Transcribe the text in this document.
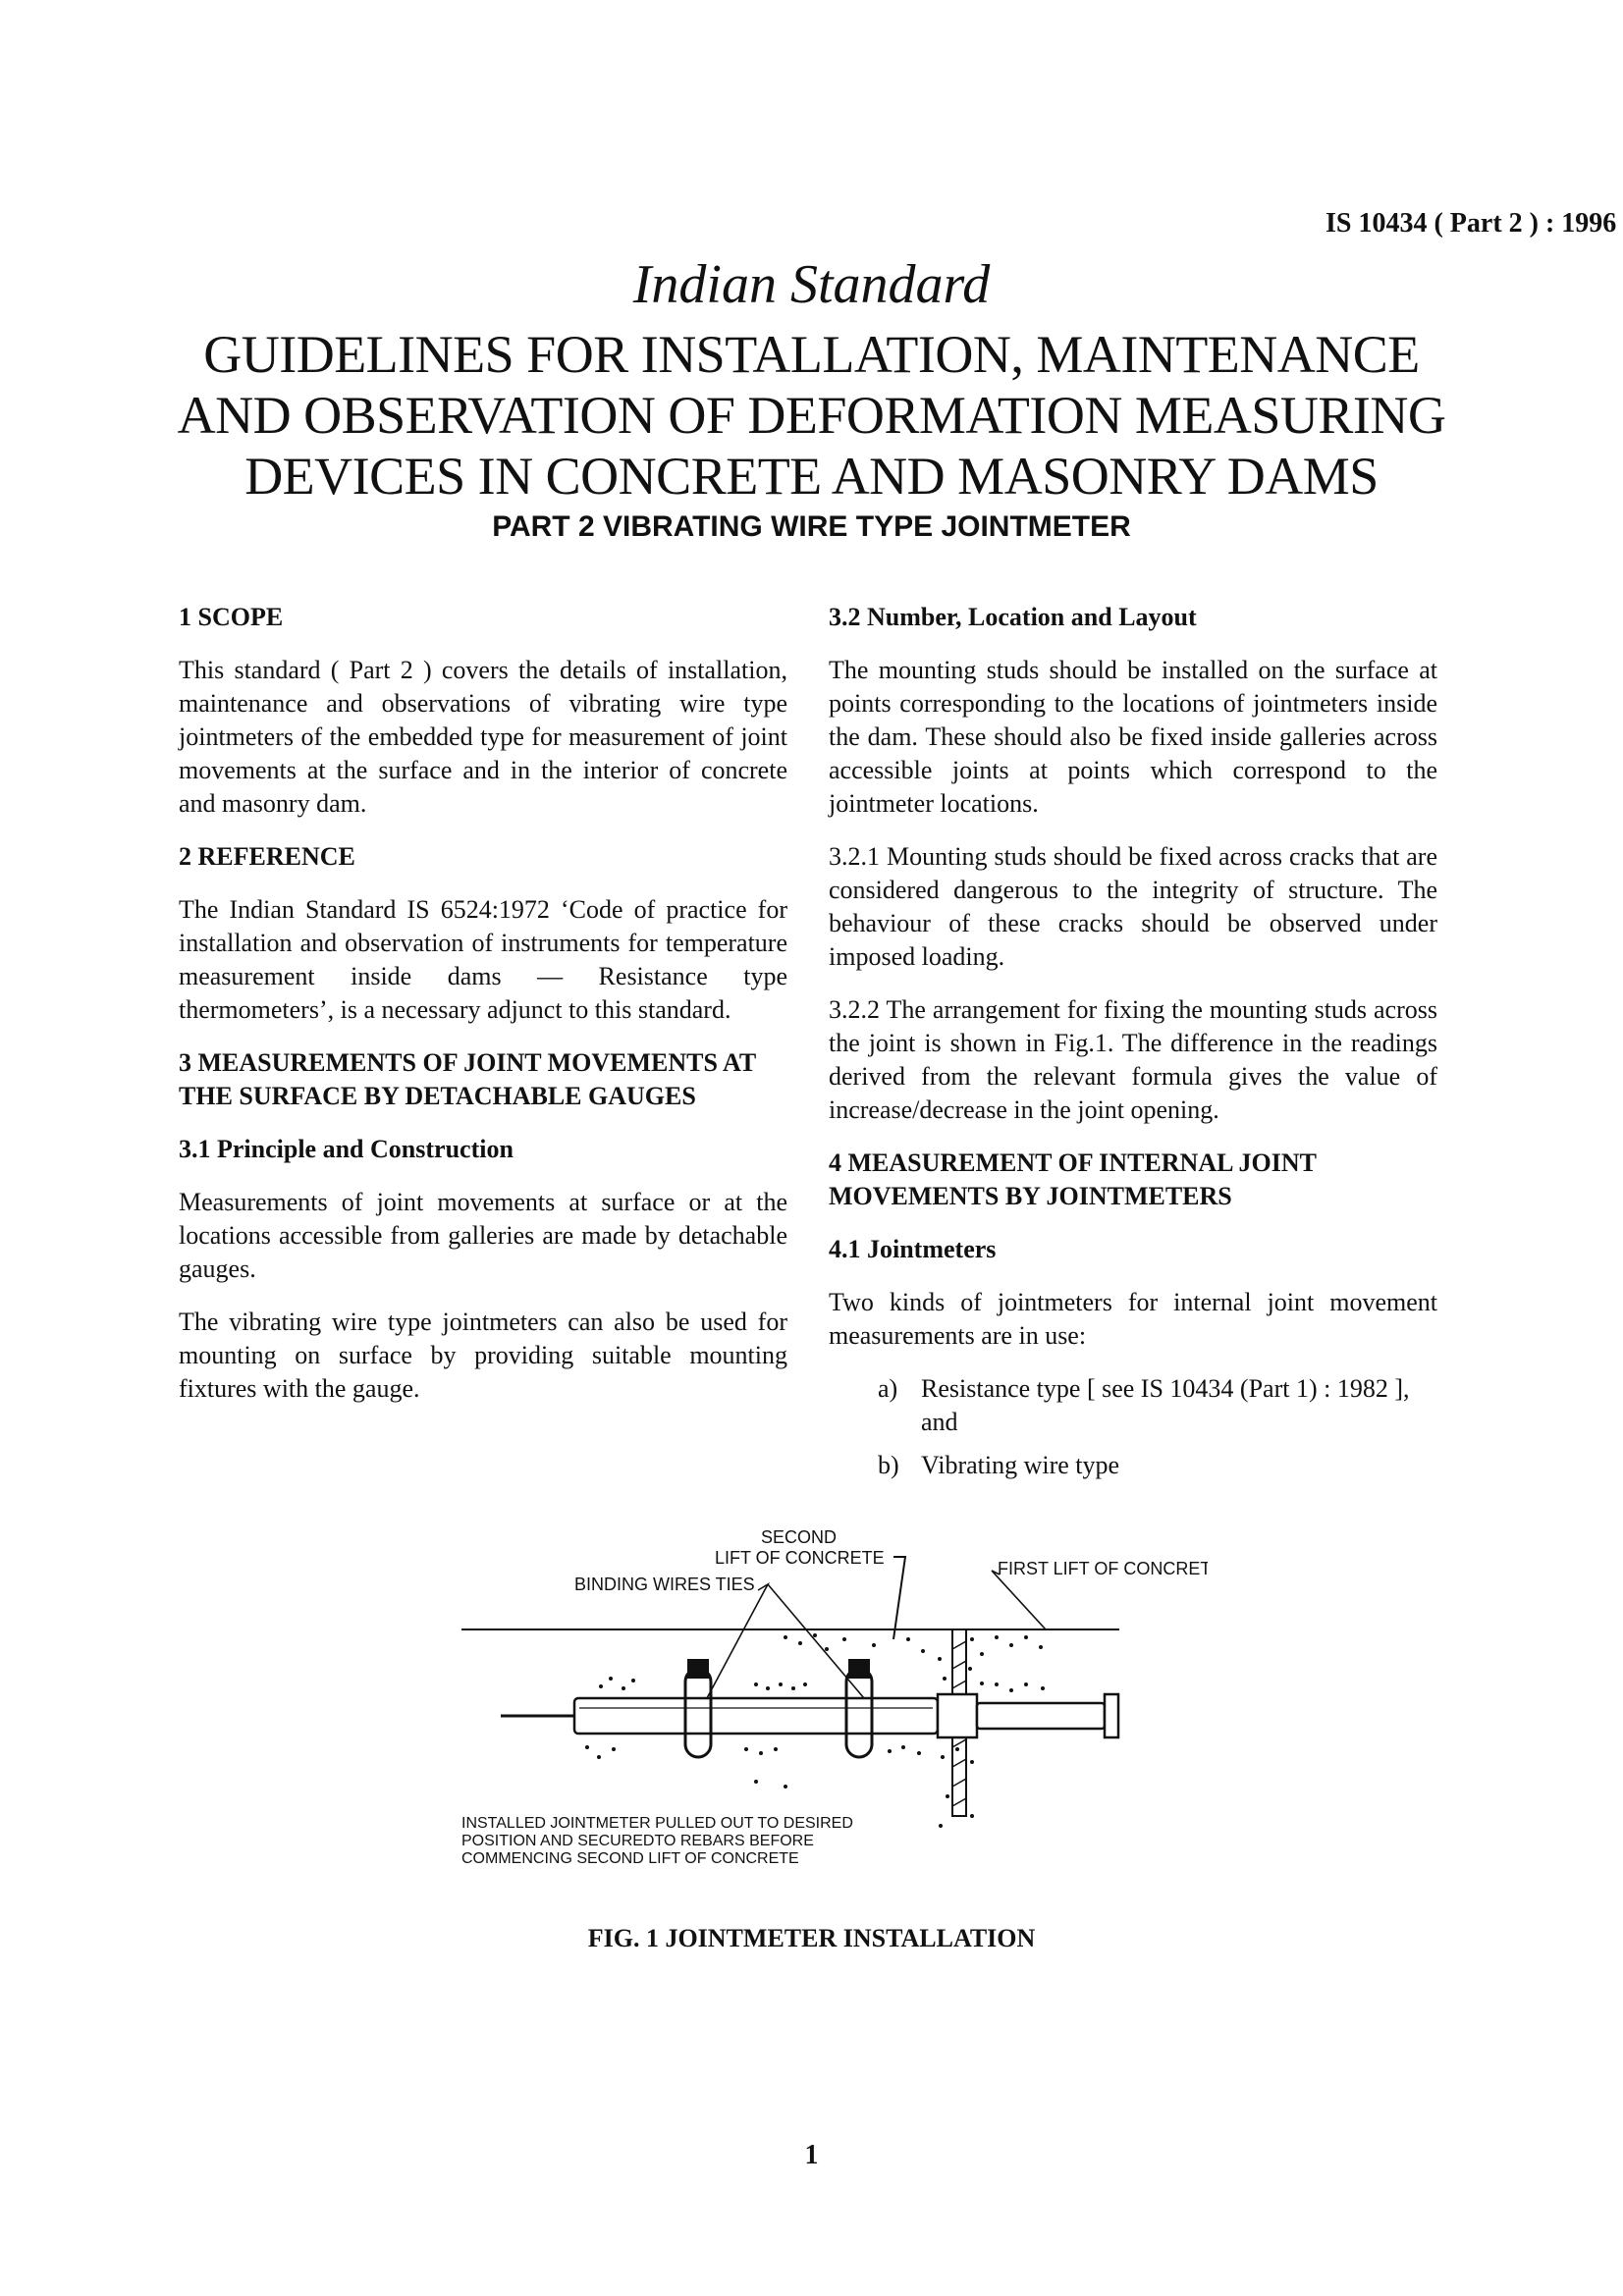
IS 10434 ( Part 2 ) : 1996
Indian Standard
GUIDELINES FOR INSTALLATION, MAINTENANCE
AND OBSERVATION OF DEFORMATION MEASURING
DEVICES IN CONCRETE AND MASONRY DAMS
PART 2 VIBRATING WIRE TYPE JOINTMETER
1 SCOPE

This standard ( Part 2 ) covers the details of installation, maintenance and observations of vibrating wire type jointmeters of the embedded type for measurement of joint movements at the surface and in the interior of concrete and masonry dam.

2 REFERENCE

The Indian Standard IS 6524:1972 ‘Code of practice for installation and observation of instruments for temperature measurement inside dams — Resistance type thermometers’, is a necessary adjunct to this standard.

3 MEASUREMENTS OF JOINT MOVEMENTS AT THE SURFACE BY DETACHABLE GAUGES
3.1 Principle and Construction

Measurements of joint movements at surface or at the locations accessible from galleries are made by detachable gauges.

The vibrating wire type jointmeters can also be used for mounting on surface by providing suitable mounting fixtures with the gauge.

3.2 Number, Location and Layout

The mounting studs should be installed on the surface at points corresponding to the locations of jointmeters inside the dam. These should also be fixed inside galleries across accessible joints at points which correspond to the jointmeter locations.

3.2.1 Mounting studs should be fixed across cracks that are considered dangerous to the integrity of structure. The behaviour of these cracks should be observed under imposed loading.

3.2.2 The arrangement for fixing the mounting studs across the joint is shown in Fig.1. The difference in the readings derived from the relevant formula gives the value of increase/decrease in the joint opening.

4 MEASUREMENT OF INTERNAL JOINT MOVEMENTS BY JOINTMETERS
4.1 Jointmeters

Two kinds of jointmeters for internal joint movement measurements are in use:

a) Resistance type [ see IS 10434 (Part 1) : 1982 ], and
b) Vibrating wire type
SECOND
LIFT OF CONCRETE
BINDING WIRES TIES
FIRST LIFT OF CONCRETE
INSTALLED JOINTMETER PULLED OUT TO DESIRED
POSITION AND SECUREDTO REBARS BEFORE
COMMENCING SECOND LIFT OF CONCRETE
FIG. 1 JOINTMETER INSTALLATION
1
